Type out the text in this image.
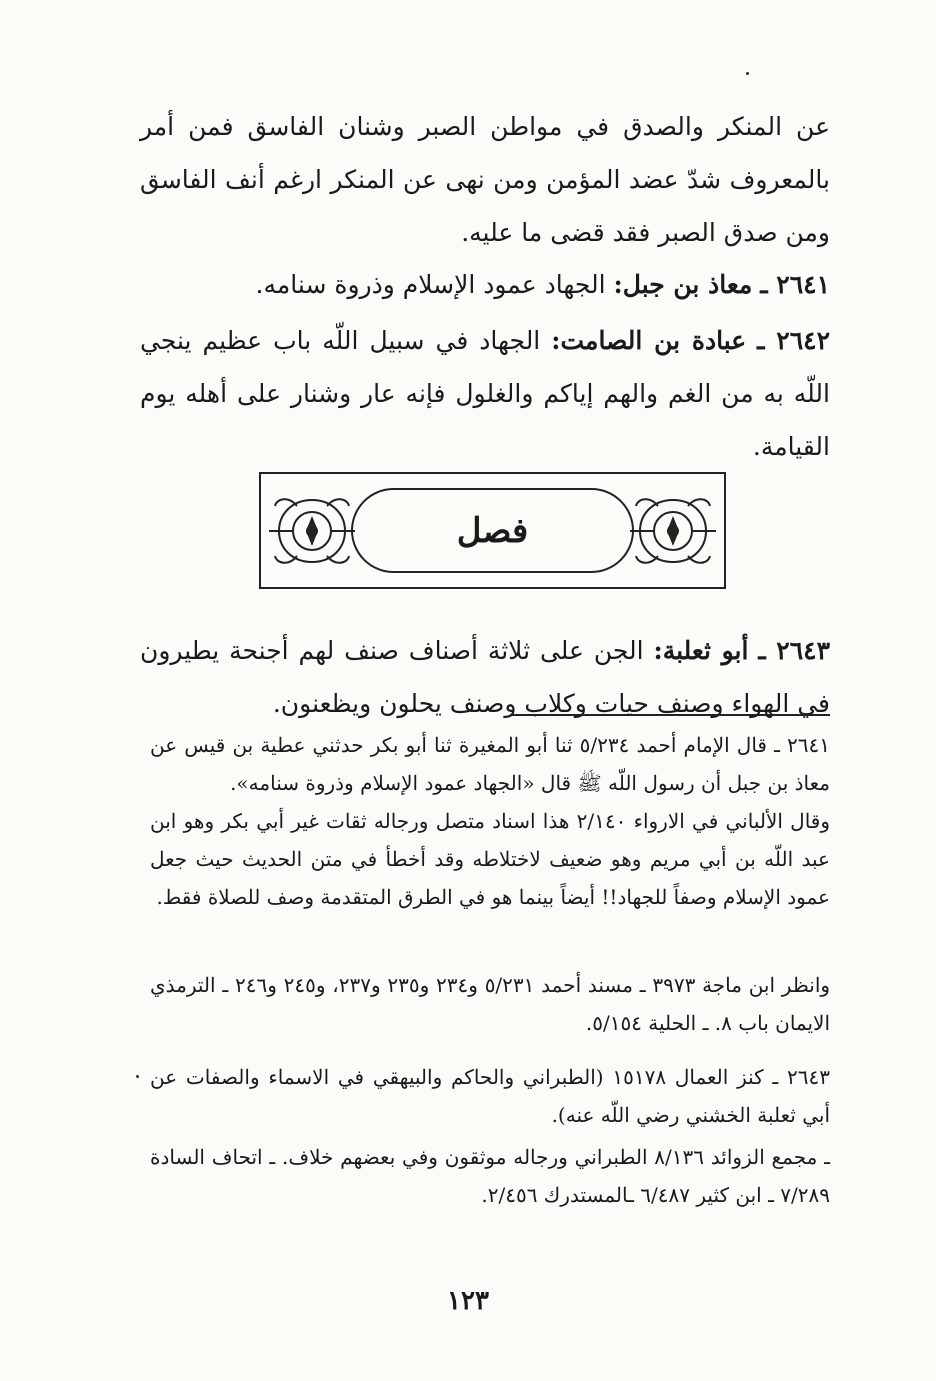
عن المنكر والصدق في مواطن الصبر وشنان الفاسق فمن أمر بالمعروف شدّ عضد المؤمن ومن نهى عن المنكر ارغم أنف الفاسق ومن صدق الصبر فقد قضى ما عليه.

٢٦٤١ ـ معاذ بن جبل: الجهاد عمود الإسلام وذروة سنامه.

٢٦٤٢ ـ عبادة بن الصامت: الجهاد في سبيل اللّه باب عظيم ينجي اللّه به من الغم والهم إياكم والغلول فإنه عار وشنار على أهله يوم القيامة.

فصل

٢٦٤٣ ـ أبو ثعلبة: الجن على ثلاثة أصناف صنف لهم أجنحة يطيرون في الهواء وصنف حيات وكلاب وصنف يحلون ويظعنون.

٢٦٤١ ـ قال الإمام أحمد ٥/٢٣٤ ثنا أبو المغيرة ثنا أبو بكر حدثني عطية بن قيس عن معاذ بن جبل أن رسول اللّه ﷺ قال «الجهاد عمود الإسلام وذروة سنامه».

وقال الألباني في الارواء ٢/١٤٠ هذا اسناد متصل ورجاله ثقات غير أبي بكر وهو ابن عبد اللّه بن أبي مريم وهو ضعيف لاختلاطه وقد أخطأ في متن الحديث حيث جعل عمود الإسلام وصفاً للجهاد!! أيضاً بينما هو في الطرق المتقدمة وصف للصلاة فقط.

وانظر ابن ماجة ٣٩٧٣ ـ مسند أحمد ٥/٢٣١ و٢٣٤ و٢٣٥ و٢٣٧، و٢٤٥ و٢٤٦ ـ الترمذي الايمان باب ٨. ـ الحلية ٥/١٥٤.

٢٦٤٣ ـ كنز العمال ١٥١٧٨ (الطبراني والحاكم والبيهقي في الاسماء والصفات عن أبي ثعلبة الخشني رضي اللّه عنه).

ـ مجمع الزوائد ٨/١٣٦ الطبراني ورجاله موثقون وفي بعضهم خلاف. ـ اتحاف السادة ٧/٢٨٩ ـ ابن كثير ٦/٤٨٧ ـالمستدرك ٢/٤٥٦.

١٢٣
